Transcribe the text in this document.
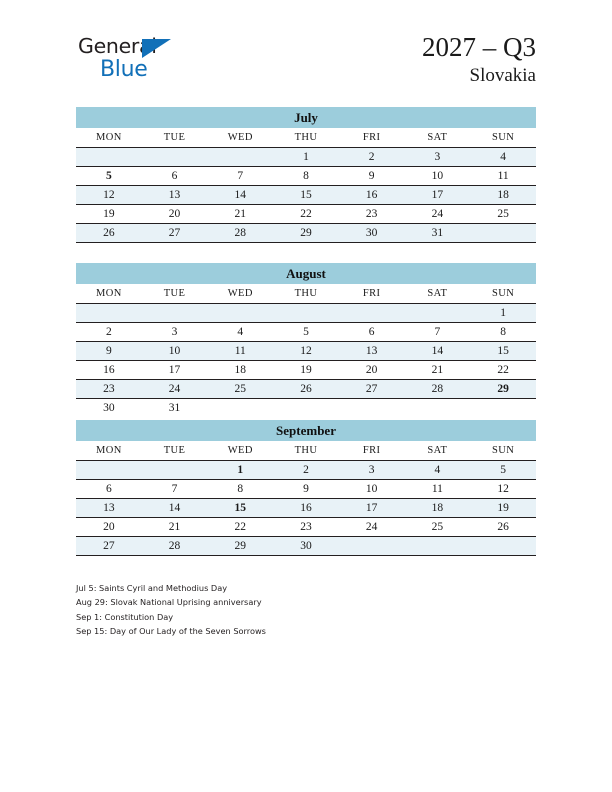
General
Blue
2027 – Q3
Slovakia
July
MON	TUE	WED	THU	FRI	SAT	SUN
			1	2	3	4
5	6	7	8	9	10	11
12	13	14	15	16	17	18
19	20	21	22	23	24	25
26	27	28	29	30	31	
August
MON	TUE	WED	THU	FRI	SAT	SUN
						1
2	3	4	5	6	7	8
9	10	11	12	13	14	15
16	17	18	19	20	21	22
23	24	25	26	27	28	29
30	31					
September
MON	TUE	WED	THU	FRI	SAT	SUN
		1	2	3	4	5
6	7	8	9	10	11	12
13	14	15	16	17	18	19
20	21	22	23	24	25	26
27	28	29	30			
Jul 5: Saints Cyril and Methodius Day
Aug 29: Slovak National Uprising anniversary
Sep 1: Constitution Day
Sep 15: Day of Our Lady of the Seven Sorrows
